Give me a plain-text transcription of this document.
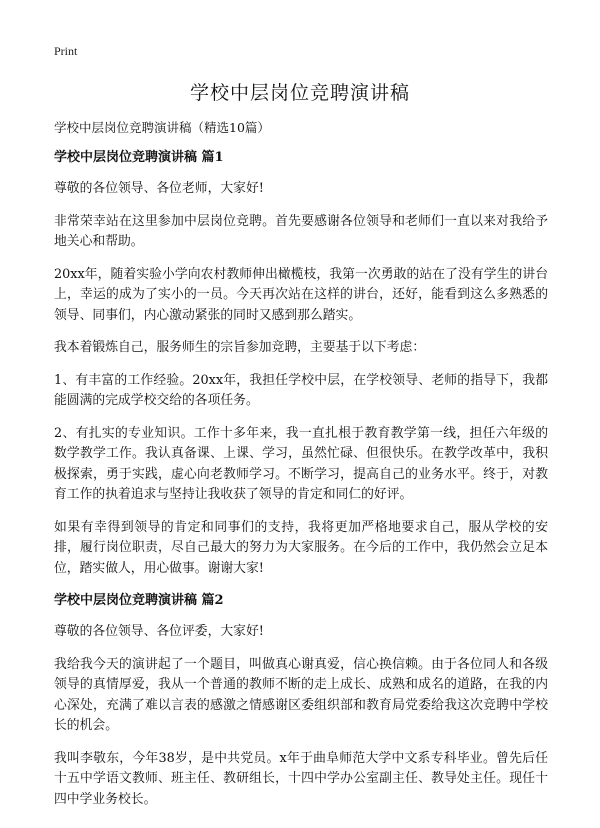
Print
学校中层岗位竞聘演讲稿

学校中层岗位竞聘演讲稿（精选10篇）

学校中层岗位竞聘演讲稿 篇1

尊敬的各位领导、各位老师，大家好!

非常荣幸站在这里参加中层岗位竞聘。首先要感谢各位领导和老师们一直以来对我给予地关心和帮助。

20xx年，随着实验小学向农村教师伸出橄榄枝，我第一次勇敢的站在了没有学生的讲台上，幸运的成为了实小的一员。今天再次站在这样的讲台，还好，能看到这么多熟悉的领导、同事们，内心激动紧张的同时又感到那么踏实。

我本着锻炼自己，服务师生的宗旨参加竞聘，主要基于以下考虑：

1、有丰富的工作经验。20xx年，我担任学校中层，在学校领导、老师的指导下，我都能圆满的完成学校交给的各项任务。

2、有扎实的专业知识。工作十多年来，我一直扎根于教育教学第一线，担任六年级的数学教学工作。我认真备课、上课、学习，虽然忙碌、但很快乐。在教学改革中，我积极探索，勇于实践，虚心向老教师学习。不断学习，提高自己的业务水平。终于，对教育工作的执着追求与坚持让我收获了领导的肯定和同仁的好评。

如果有幸得到领导的肯定和同事们的支持，我将更加严格地要求自己，服从学校的安排，履行岗位职责，尽自己最大的努力为大家服务。在今后的工作中，我仍然会立足本位，踏实做人，用心做事。谢谢大家!

学校中层岗位竞聘演讲稿 篇2

尊敬的各位领导、各位评委，大家好!

我给我今天的演讲起了一个题目，叫做真心谢真爱，信心换信赖。由于各位同人和各级领导的真情厚爱，我从一个普通的教师不断的走上成长、成熟和成名的道路，在我的内心深处，充满了难以言表的感激之情感谢区委组织部和教育局党委给我这次竞聘中学校长的机会。

我叫李敬东，今年38岁，是中共党员。x年于曲阜师范大学中文系专科毕业。曾先后任十五中学语文教师、班主任、教研组长，十四中学办公室副主任、教导处主任。现任十四中学业务校长。
